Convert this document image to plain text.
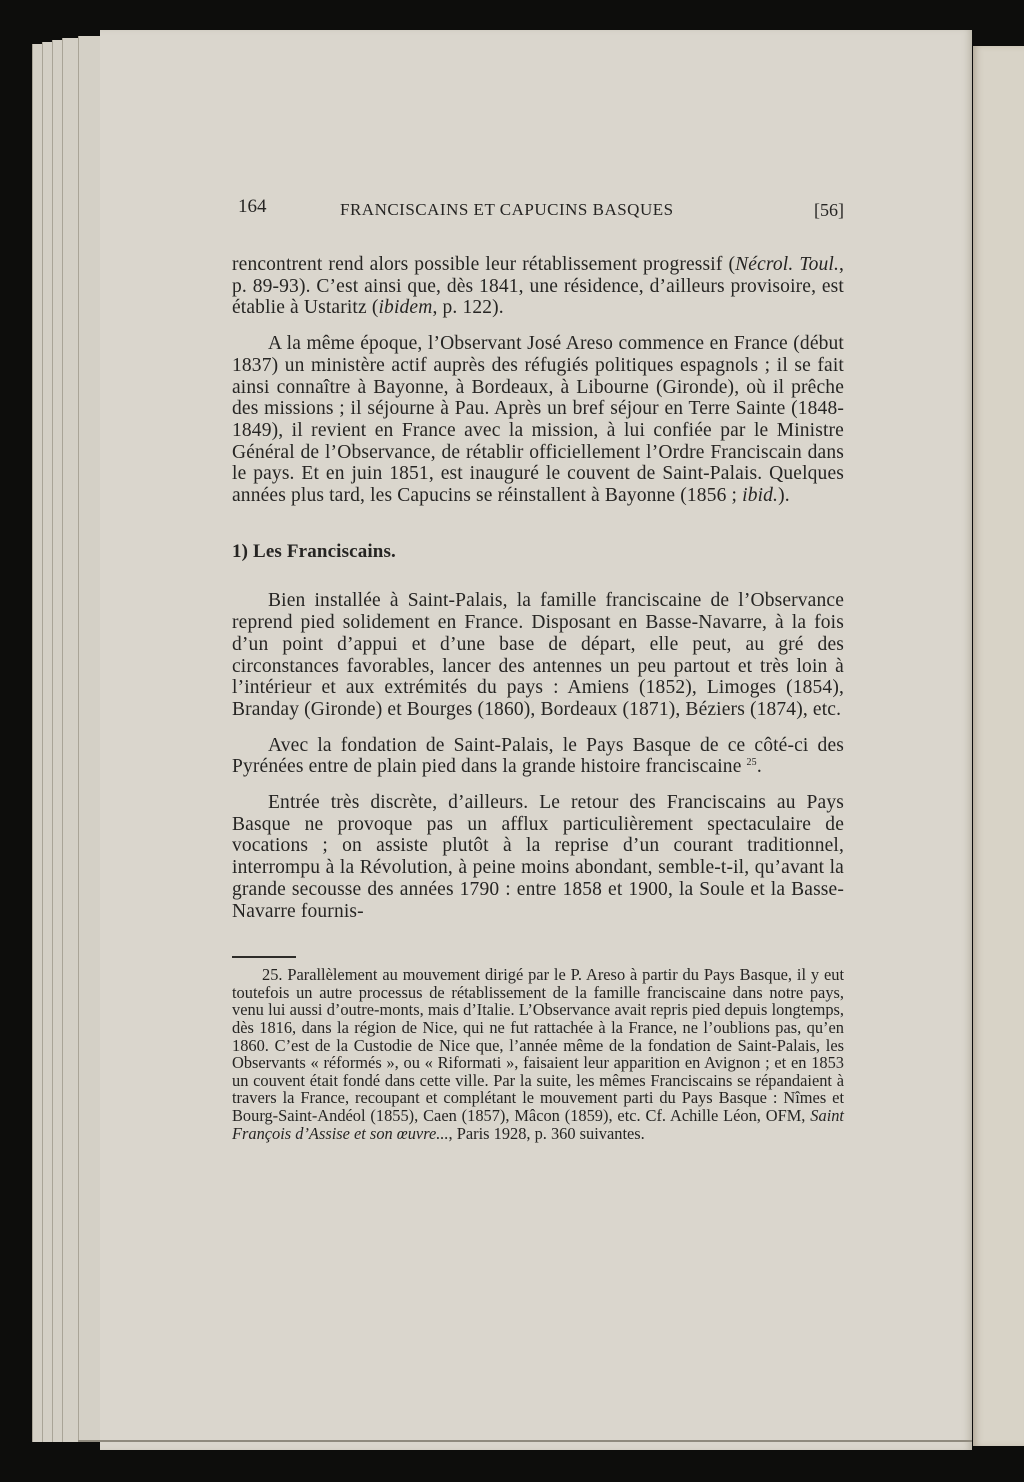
164	FRANCISCAINS ET CAPUCINS BASQUES	[56]

rencontrent rend alors possible leur rétablissement progressif (Nécrol. Toul., p. 89-93). C’est ainsi que, dès 1841, une résidence, d’ailleurs provisoire, est établie à Ustaritz (ibidem, p. 122).

A la même époque, l’Observant José Areso commence en France (début 1837) un ministère actif auprès des réfugiés politiques espagnols ; il se fait ainsi connaître à Bayonne, à Bordeaux, à Libourne (Gironde), où il prêche des missions ; il séjourne à Pau. Après un bref séjour en Terre Sainte (1848-1849), il revient en France avec la mission, à lui confiée par le Ministre Général de l’Observance, de rétablir officiellement l’Ordre Franciscain dans le pays. Et en juin 1851, est inauguré le couvent de Saint-Palais. Quelques années plus tard, les Capucins se réinstallent à Bayonne (1856 ; ibid.).

1) Les Franciscains.

Bien installée à Saint-Palais, la famille franciscaine de l’Observance reprend pied solidement en France. Disposant en Basse-Navarre, à la fois d’un point d’appui et d’une base de départ, elle peut, au gré des circonstances favorables, lancer des antennes un peu partout et très loin à l’intérieur et aux extrémités du pays : Amiens (1852), Limoges (1854), Branday (Gironde) et Bourges (1860), Bordeaux (1871), Béziers (1874), etc.

Avec la fondation de Saint-Palais, le Pays Basque de ce côté-ci des Pyrénées entre de plain pied dans la grande histoire franciscaine $^{25}$.

Entrée très discrète, d’ailleurs. Le retour des Franciscains au Pays Basque ne provoque pas un afflux particulièrement spectaculaire de vocations ; on assiste plutôt à la reprise d’un courant traditionnel, interrompu à la Révolution, à peine moins abondant, semble-t-il, qu’avant la grande secousse des années 1790 : entre 1858 et 1900, la Soule et la Basse-Navarre fournis-

25. Parallèlement au mouvement dirigé par le P. Areso à partir du Pays Basque, il y eut toutefois un autre processus de rétablissement de la famille franciscaine dans notre pays, venu lui aussi d’outre-monts, mais d’Italie. L’Observance avait repris pied depuis longtemps, dès 1816, dans la région de Nice, qui ne fut rattachée à la France, ne l’oublions pas, qu’en 1860. C’est de la Custodie de Nice que, l’année même de la fondation de Saint-Palais, les Observants « réformés », ou « Riformati », faisaient leur apparition en Avignon ; et en 1853 un couvent était fondé dans cette ville. Par la suite, les mêmes Franciscains se répandaient à travers la France, recoupant et complétant le mouvement parti du Pays Basque : Nîmes et Bourg-Saint-Andéol (1855), Caen (1857), Mâcon (1859), etc. Cf. Achille Léon, OFM, Saint François d’Assise et son œuvre..., Paris 1928, p. 360 suivantes.
